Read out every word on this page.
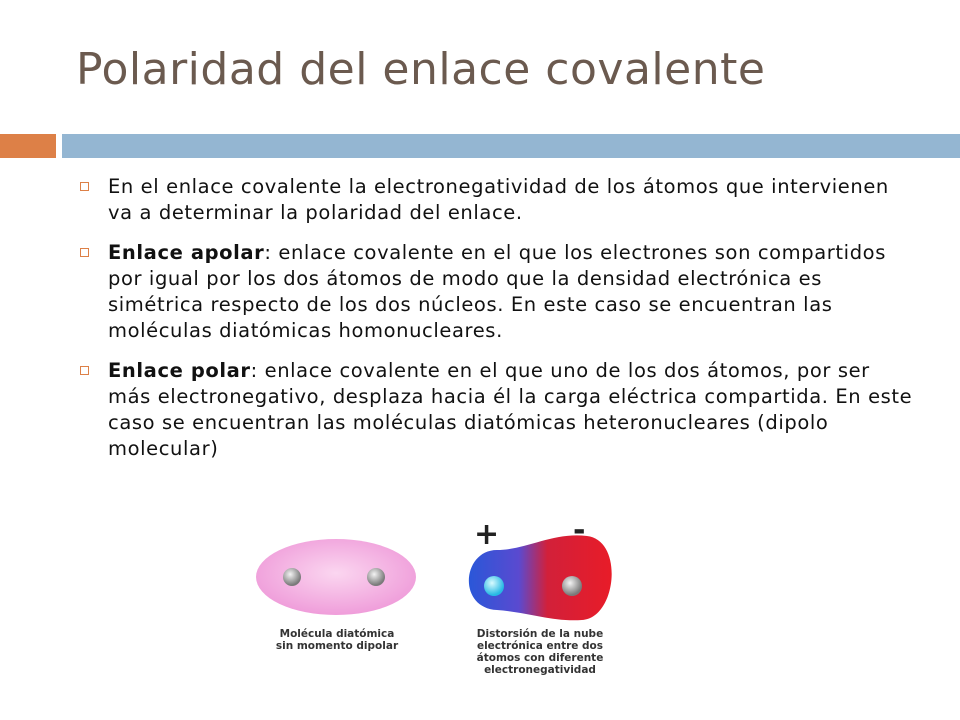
Polaridad del enlace covalente
En el enlace covalente la electronegatividad de los átomos que intervienen va a determinar la polaridad del enlace.
Enlace apolar: enlace covalente en el que los electrones son compartidos por igual por los dos átomos de modo que la densidad electrónica es simétrica respecto de los dos núcleos. En este caso se encuentran las moléculas diatómicas homonucleares.
Enlace polar: enlace covalente en el que uno de los dos átomos, por ser más electronegativo, desplaza hacia él la carga eléctrica compartida. En este caso se encuentran las moléculas diatómicas heteronucleares (dipolo molecular)
+ -
Molécula diatómica
sin momento dipolar
Distorsión de la nube
electrónica entre dos
átomos con diferente
electronegatividad
